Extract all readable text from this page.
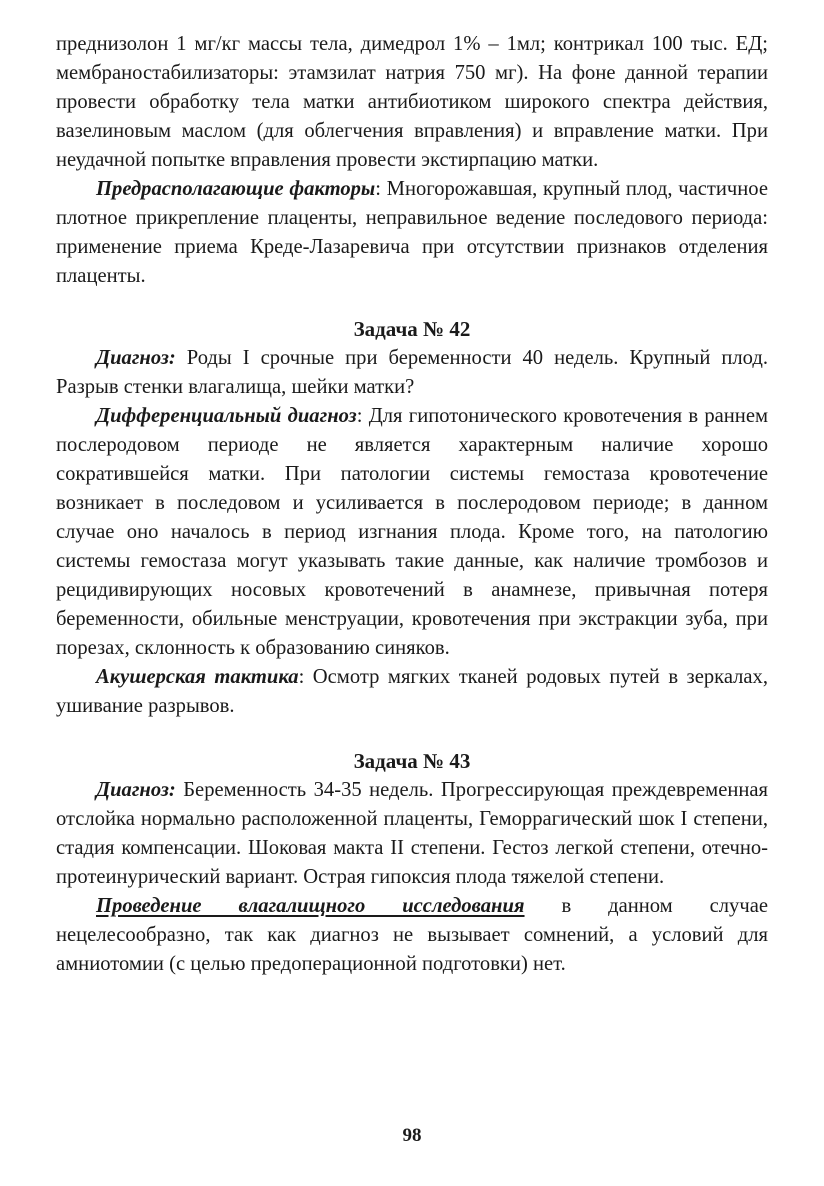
преднизолон 1 мг/кг массы тела, димедрол 1% – 1мл; контрикал 100 тыс. ЕД; мембраностабилизаторы: этамзилат натрия 750 мг). На фоне данной терапии провести обработку тела матки антибиотиком широкого спектра действия, вазелиновым маслом (для облегчения вправления) и вправление матки. При неудачной попытке вправления провести экстирпацию матки.

Предрасполагающие факторы: Многорожавшая, крупный плод, частичное плотное прикрепление плаценты, неправильное ведение последового периода: применение приема Креде-Лазаревича при отсутствии признаков отделения плаценты.

Задача № 42

Диагноз: Роды I срочные при беременности 40 недель. Крупный плод. Разрыв стенки влагалища, шейки матки?

Дифференциальный диагноз: Для гипотонического кровотечения в раннем послеродовом периоде не является характерным наличие хорошо сократившейся матки. При патологии системы гемостаза кровотечение возникает в последовом и усиливается в послеродовом периоде; в данном случае оно началось в период изгнания плода. Кроме того, на патологию системы гемостаза могут указывать такие данные, как наличие тромбозов и рецидивирующих носовых кровотечений в анамнезе, привычная потеря беременности, обильные менструации, кровотечения при экстракции зуба, при порезах, склонность к образованию синяков.

Акушерская тактика: Осмотр мягких тканей родовых путей в зеркалах, ушивание разрывов.

Задача № 43

Диагноз: Беременность 34-35 недель. Прогрессирующая преждевременная отслойка нормально расположенной плаценты, Геморрагический шок I степени, стадия компенсации. Шоковая макта II степени. Гестоз легкой степени, отечно-протеинурический вариант. Острая гипоксия плода тяжелой степени.

Проведение влагалищного исследования в данном случае нецелесообразно, так как диагноз не вызывает сомнений, а условий для амниотомии (с целью предоперационной подготовки) нет.

98
